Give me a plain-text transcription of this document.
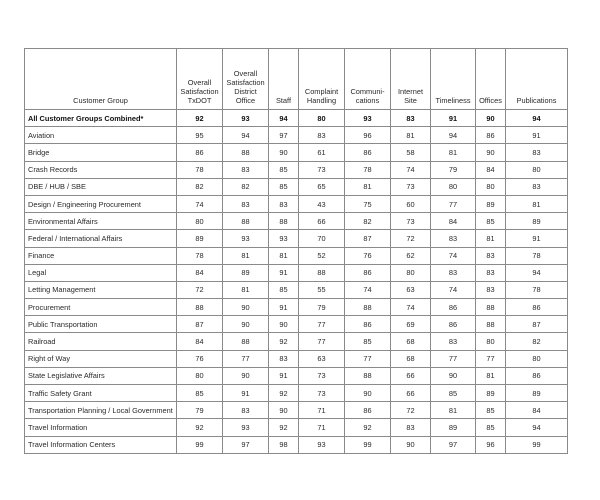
Customer Group	Overall Satisfaction TxDOT	Overall Satisfaction District Office	Staff	Complaint Handling	Communi- cations	Internet Site	Timeliness	Offices	Publications
All Customer Groups Combined*	92	93	94	80	93	83	91	90	94
Aviation	95	94	97	83	96	81	94	86	91
Bridge	86	88	90	61	86	58	81	90	83
Crash Records	78	83	85	73	78	74	79	84	80
DBE / HUB / SBE	82	82	85	65	81	73	80	80	83
Design / Engineering Procurement	74	83	83	43	75	60	77	89	81
Environmental Affairs	80	88	88	66	82	73	84	85	89
Federal / International Affairs	89	93	93	70	87	72	83	81	91
Finance	78	81	81	52	76	62	74	83	78
Legal	84	89	91	88	86	80	83	83	94
Letting Management	72	81	85	55	74	63	74	83	78
Procurement	88	90	91	79	88	74	86	88	86
Public Transportation	87	90	90	77	86	69	86	88	87
Railroad	84	88	92	77	85	68	83	80	82
Right of Way	76	77	83	63	77	68	77	77	80
State Legislative Affairs	80	90	91	73	88	66	90	81	86
Traffic Safety Grant	85	91	92	73	90	66	85	89	89
Transportation Planning / Local Government	79	83	90	71	86	72	81	85	84
Travel Information	92	93	92	71	92	83	89	85	94
Travel Information Centers	99	97	98	93	99	90	97	96	99
